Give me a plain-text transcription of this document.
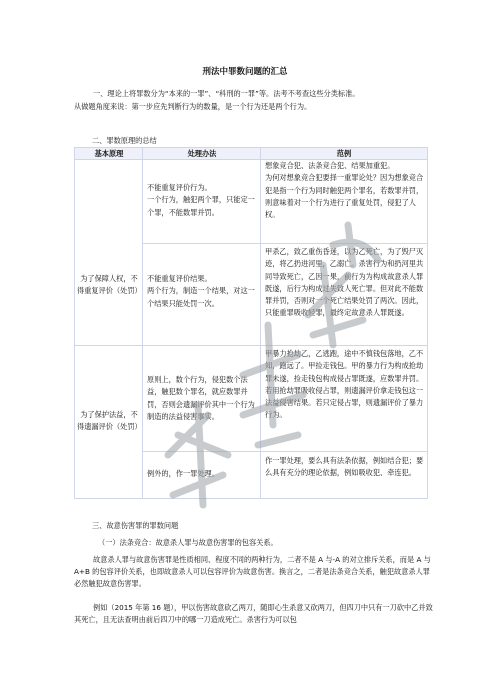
刑法中罪数问题的汇总
一、理论上将罪数分为“本来的一罪”、“科刑的一罪”等。法考不考查这些分类标准。
从做题角度来说：第一步应先判断行为的数量，是一个行为还是两个行为。
二、罪数原理的总结
基本原理	处理办法	范例
为了保障人权，不得重复评价（处罚）
为了保护法益，不得遗漏评价（处罚）
不能重复评价行为。
一个行为，触犯两个罪，只能定一个罪，不能数罪并罚。
想象竞合犯、法条竞合犯、结果加重犯。
为何对想象竞合犯要择一重罪论处？因为想象竞合犯是指一个行为同时触犯两个罪名，若数罪并罚，则意味着对一个行为进行了重复处罚，侵犯了人权。
不能重复评价结果。
两个行为，制造一个结果，对这一个结果只能处罚一次。
甲杀乙，致乙重伤昏迷，以为乙死亡，为了毁尸灭迹，将乙扔进河里，乙溺亡。杀害行为和扔河里共同导致死亡，乙因一果，前行为为构成故意杀人罪既遂，后行为构成过失致人死亡罪。但对此不能数罪并罚，否则对一个死亡结果处罚了两次。因此，只能重罪吸收轻罪，最终定故意杀人罪既遂。
原则上，数个行为，侵犯数个法益，触犯数个罪名，就应数罪并罚，否则会遗漏评价其中一个行为制造的法益侵害事实。
甲暴力抢劫乙，乙逃跑，途中不慎钱包落地，乙不知，跑远了。甲捡走钱包。甲的暴力行为构成抢劫罪未遂，捡走钱包构成侵占罪既遂，应数罪并罚。若用抢劫罪吸收侵占罪，则遗漏评价拿走钱包这一法益侵害结果。若只定侵占罪，则遗漏评价了暴力行为。
例外的，作一罪处理。
作一罪处理，要么具有法条依据，例如结合犯；要么具有充分的理论依据，例如吸收犯、牵连犯。
三、故意伤害罪的罪数问题
（一）法条竞合：故意杀人罪与故意伤害罪的包容关系。
故意杀人罪与故意伤害罪是性质相同、程度不同的两种行为，二者不是 A 与-A 的对立排斥关系，而是 A 与 A+B 的包容评价关系，也即故意杀人可以包容评价为故意伤害。换言之，二者是法条竞合关系，触犯故意杀人罪必然触犯故意伤害罪。
例如（2015 年第 16 题），甲以伤害故意砍乙两刀，随即心生杀意又砍两刀，但四刀中只有一刀砍中乙并致其死亡，且无法查明由前后四刀中的哪一刀造成死亡。杀害行为可以包
